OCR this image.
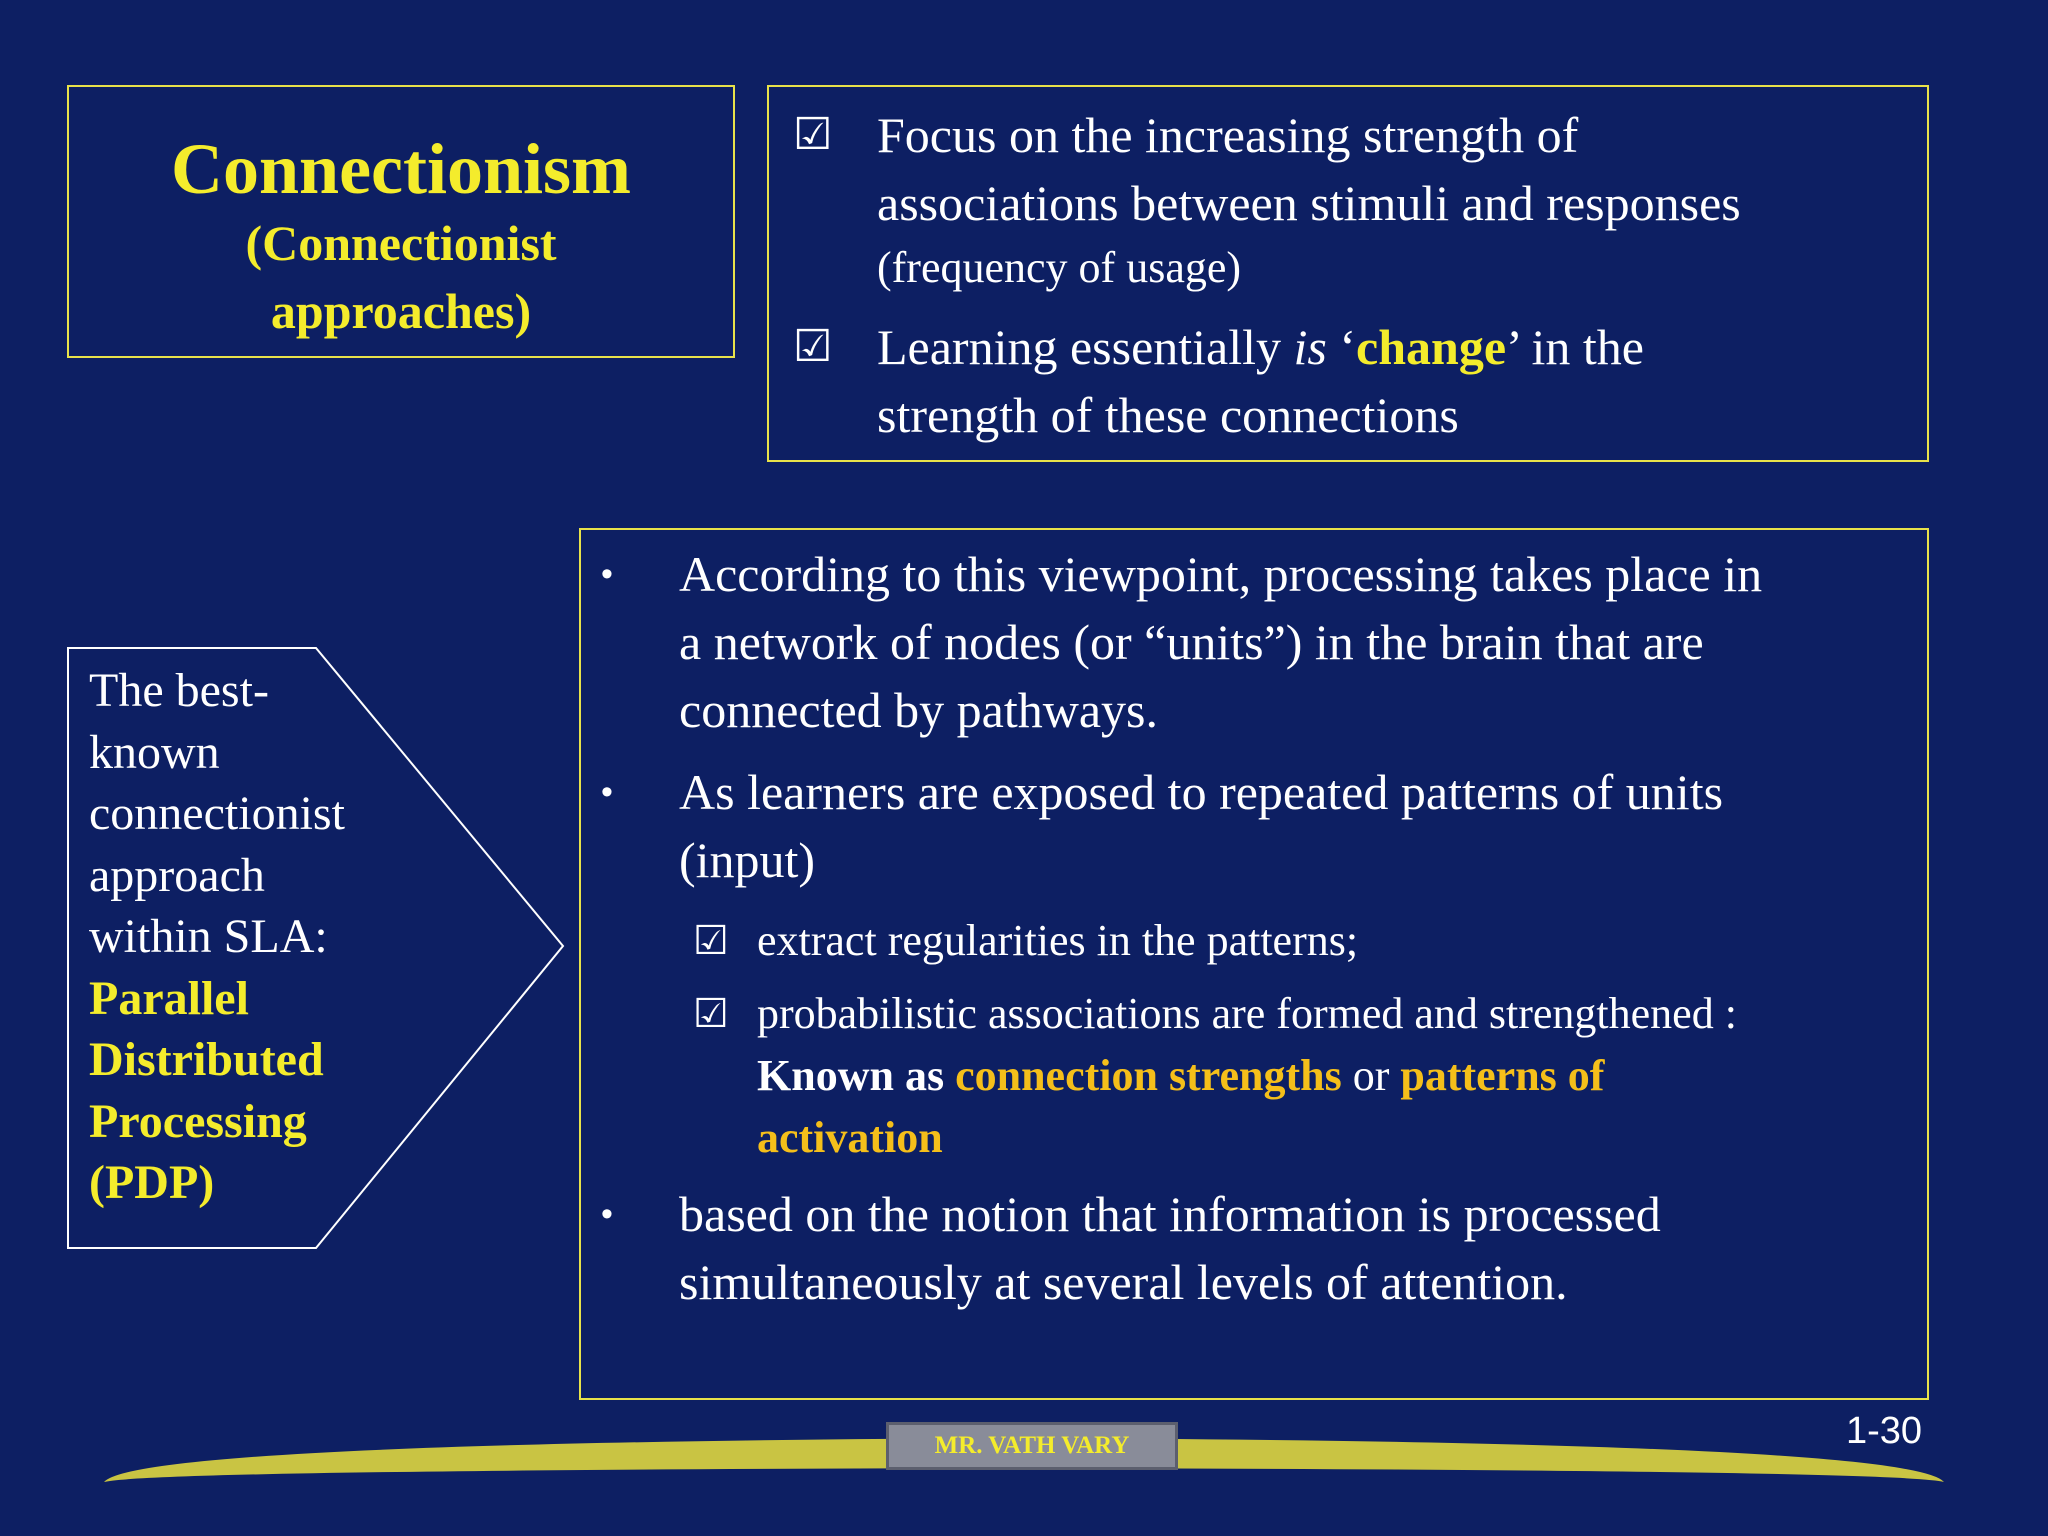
Connectionism
(Connectionist
approaches)
☑ Focus on the increasing strength of
associations between stimuli and responses
(frequency of usage)
☑ Learning essentially is ‘change’ in the
strength of these connections
The best-
known
connectionist
approach
within SLA:
Parallel
Distributed
Processing
(PDP)
• According to this viewpoint, processing takes place in
a network of nodes (or “units”) in the brain that are
connected by pathways.
• As learners are exposed to repeated patterns of units
(input)
☑ extract regularities in the patterns;
☑ probabilistic associations are formed and strengthened :
Known as connection strengths or patterns of
activation
• based on the notion that information is processed
simultaneously at several levels of attention.
MR. VATH VARY	1-30
